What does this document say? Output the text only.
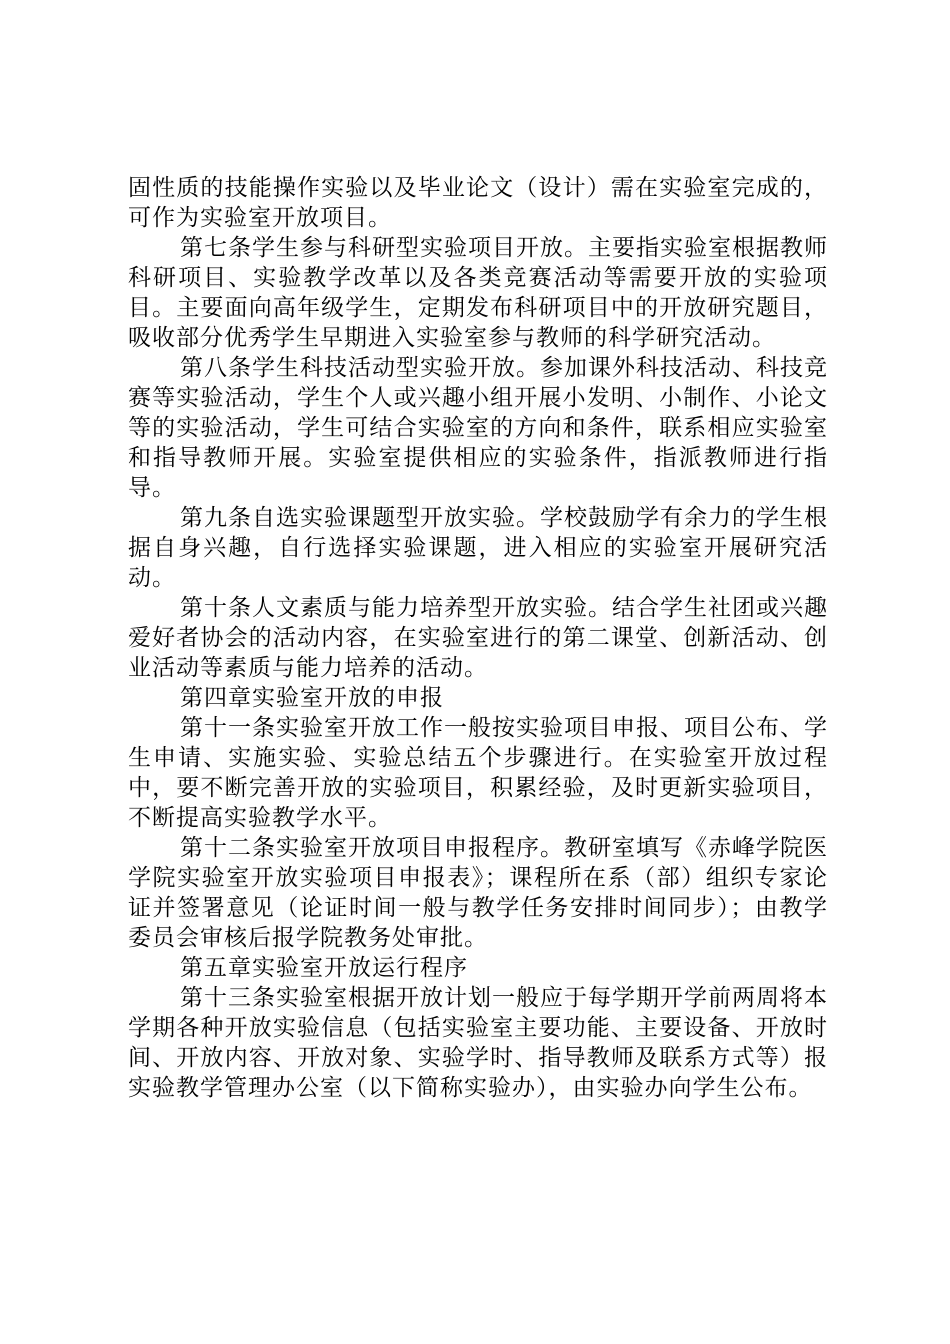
固性质的技能操作实验以及毕业论文（设计）需在实验室完成的，可作为实验室开放项目。

第七条学生参与科研型实验项目开放。主要指实验室根据教师科研项目、实验教学改革以及各类竞赛活动等需要开放的实验项目。主要面向高年级学生，定期发布科研项目中的开放研究题目，吸收部分优秀学生早期进入实验室参与教师的科学研究活动。

第八条学生科技活动型实验开放。参加课外科技活动、科技竞赛等实验活动，学生个人或兴趣小组开展小发明、小制作、小论文等的实验活动，学生可结合实验室的方向和条件，联系相应实验室和指导教师开展。实验室提供相应的实验条件，指派教师进行指导。

第九条自选实验课题型开放实验。学校鼓励学有余力的学生根据自身兴趣，自行选择实验课题，进入相应的实验室开展研究活动。

第十条人文素质与能力培养型开放实验。结合学生社团或兴趣爱好者协会的活动内容，在实验室进行的第二课堂、创新活动、创业活动等素质与能力培养的活动。

第四章实验室开放的申报

第十一条实验室开放工作一般按实验项目申报、项目公布、学生申请、实施实验、实验总结五个步骤进行。在实验室开放过程中，要不断完善开放的实验项目，积累经验，及时更新实验项目，不断提高实验教学水平。

第十二条实验室开放项目申报程序。教研室填写《赤峰学院医学院实验室开放实验项目申报表》；课程所在系（部）组织专家论证并签署意见（论证时间一般与教学任务安排时间同步）；由教学委员会审核后报学院教务处审批。

第五章实验室开放运行程序

第十三条实验室根据开放计划一般应于每学期开学前两周将本学期各种开放实验信息（包括实验室主要功能、主要设备、开放时间、开放内容、开放对象、实验学时、指导教师及联系方式等）报实验教学管理办公室（以下简称实验办），由实验办向学生公布。
